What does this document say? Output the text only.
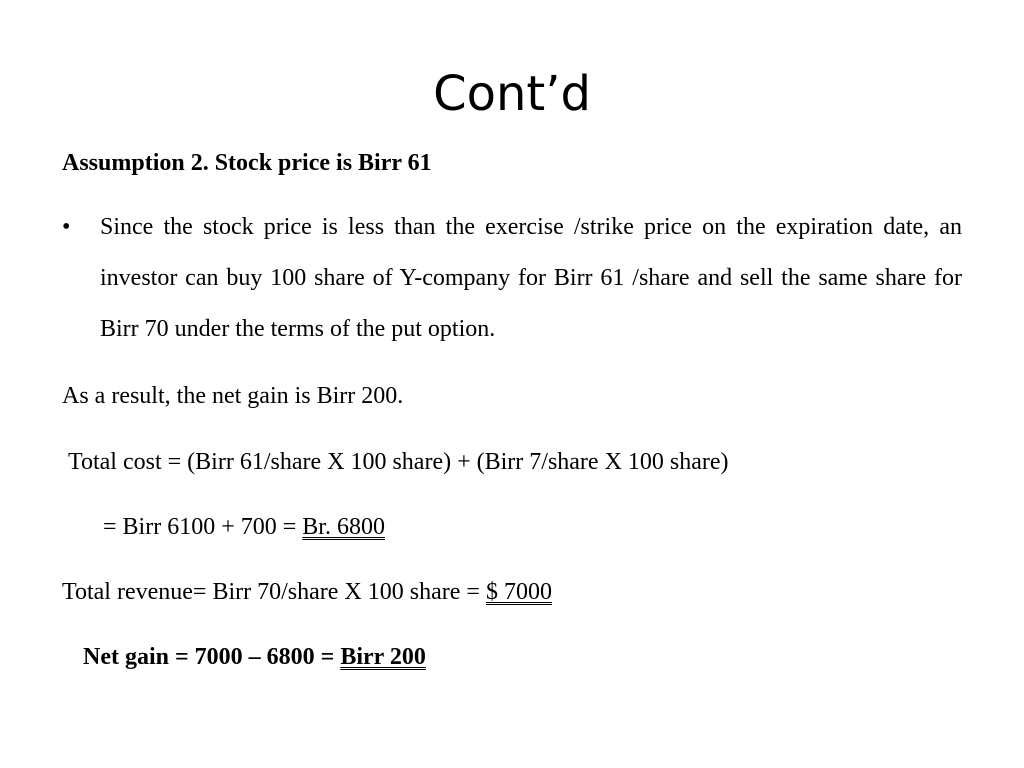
Cont’d
Assumption 2. Stock price is Birr 61
• Since the stock price is less than the exercise /strike price on the expiration date, an investor can buy 100 share of Y-company for Birr 61 /share and sell the same share for Birr 70 under the terms of the put option.
As a result, the net gain is Birr 200.
Total cost = (Birr 61/share X 100 share) + (Birr 7/share X 100 share)
= Birr 6100 + 700 = Br. 6800
Total revenue= Birr 70/share X 100 share = $ 7000
Net gain = 7000 – 6800 = Birr 200
